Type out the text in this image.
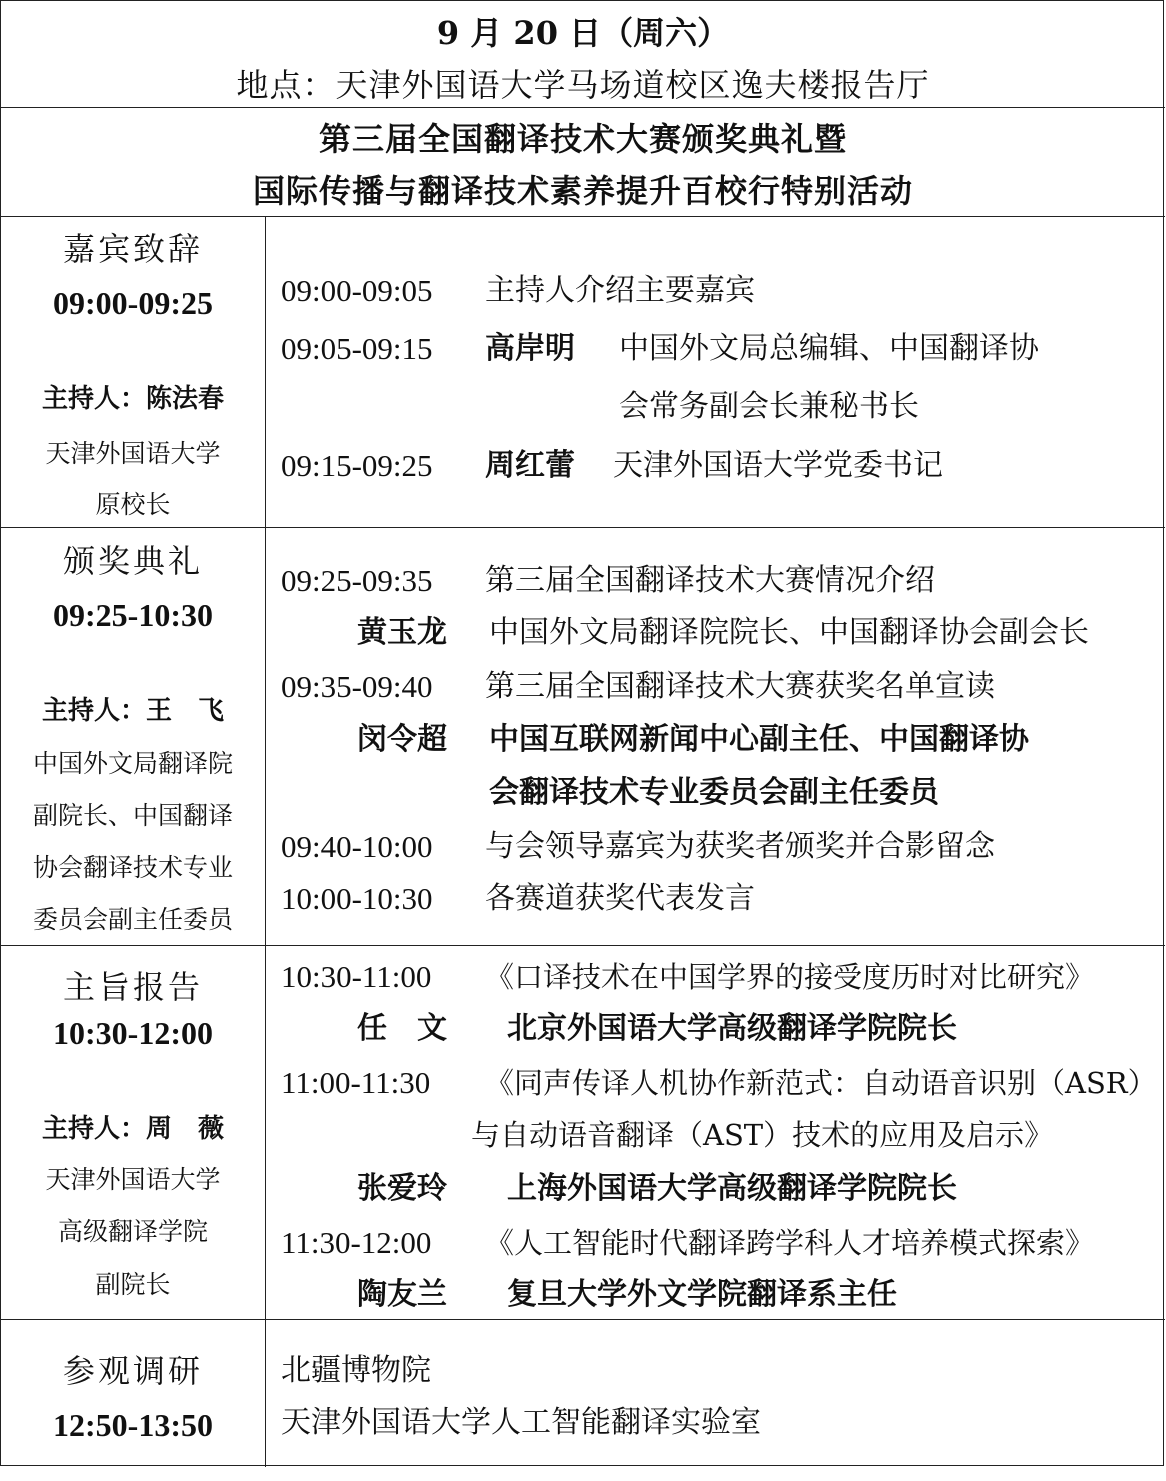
9 月 20 日（周六）
地点：天津外国语大学马场道校区逸夫楼报告厅
第三届全国翻译技术大赛颁奖典礼暨
国际传播与翻译技术素养提升百校行特别活动
嘉宾致辞
09:00-09:25
主持人：陈法春
天津外国语大学
原校长
09:00-09:05 主持人介绍主要嘉宾
09:05-09:15 高岸明 中国外文局总编辑、中国翻译协
会常务副会长兼秘书长
09:15-09:25 周红蕾 天津外国语大学党委书记
颁奖典礼
09:25-10:30
主持人：王　飞
中国外文局翻译院
副院长、中国翻译
协会翻译技术专业
委员会副主任委员
09:25-09:35 第三届全国翻译技术大赛情况介绍
黄玉龙 中国外文局翻译院院长、中国翻译协会副会长
09:35-09:40 第三届全国翻译技术大赛获奖名单宣读
闵令超 中国互联网新闻中心副主任、中国翻译协
会翻译技术专业委员会副主任委员
09:40-10:00 与会领导嘉宾为获奖者颁奖并合影留念
10:00-10:30 各赛道获奖代表发言
主旨报告
10:30-12:00
主持人：周　薇
天津外国语大学
高级翻译学院
副院长
10:30-11:00 《口译技术在中国学界的接受度历时对比研究》
任　文 北京外国语大学高级翻译学院院长
11:00-11:30 《同声传译人机协作新范式：自动语音识别（ASR）
与自动语音翻译（AST）技术的应用及启示》
张爱玲 上海外国语大学高级翻译学院院长
11:30-12:00 《人工智能时代翻译跨学科人才培养模式探索》
陶友兰 复旦大学外文学院翻译系主任
参观调研
12:50-13:50
北疆博物院
天津外国语大学人工智能翻译实验室
